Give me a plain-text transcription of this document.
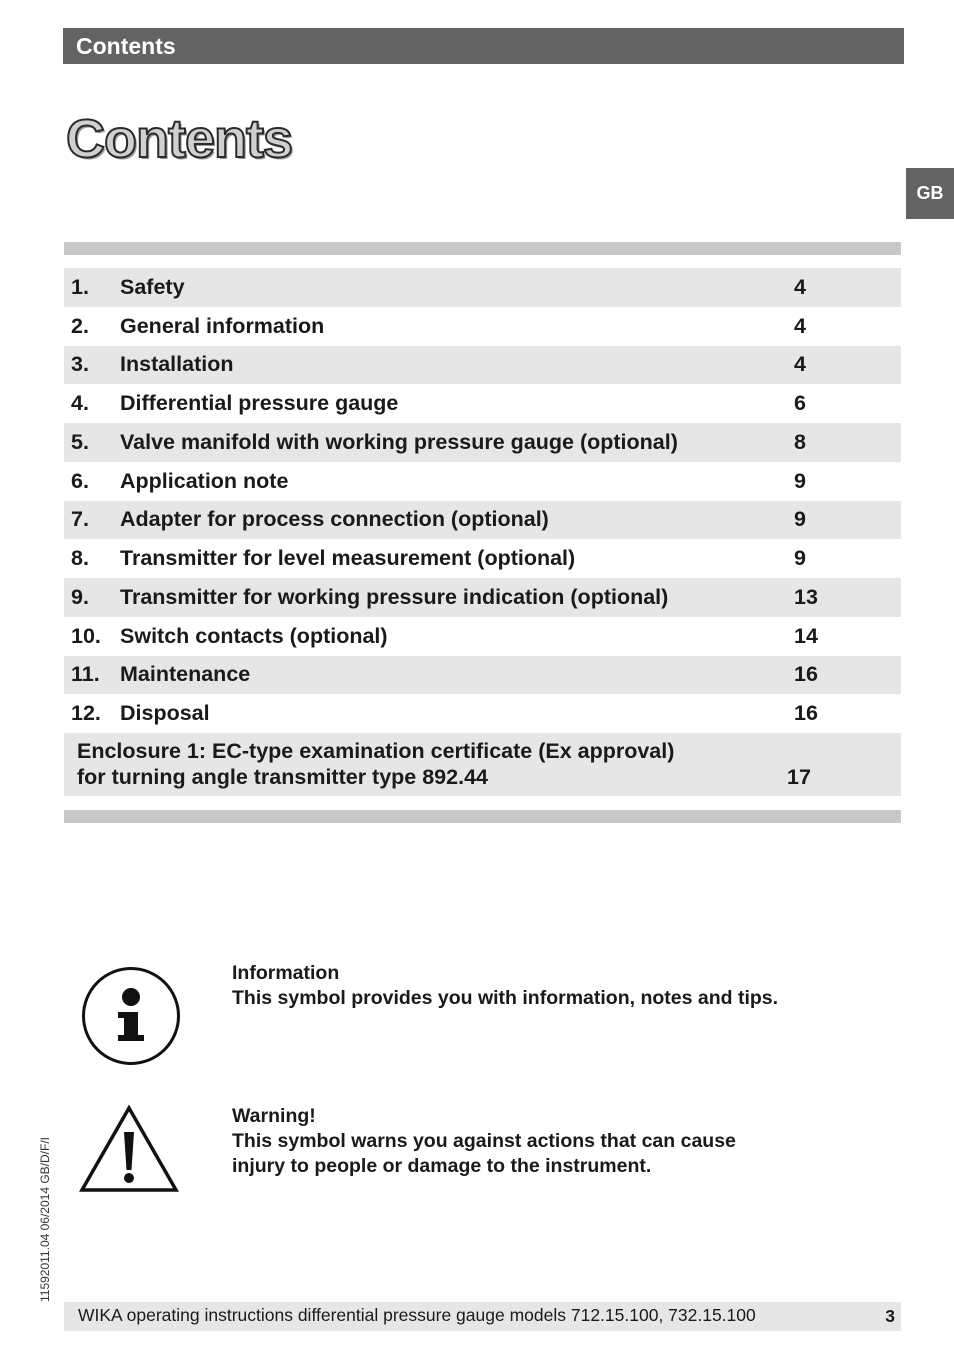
Contents
Contents
GB
1.	Safety	4
2.	General information	4
3.	Installation	4
4.	Differential pressure gauge	6
5.	Valve manifold with working pressure gauge (optional)	8
6.	Application note	9
7.	Adapter for process connection (optional)	9
8.	Transmitter for level measurement (optional)	9
9.	Transmitter for working pressure indication (optional)	13
10. Switch contacts (optional)	14
11. Maintenance	16
12. Disposal	16
Enclosure 1: EC-type examination certificate (Ex approval)
for turning angle transmitter type 892.44	17
Information
This symbol provides you with information, notes and tips.
Warning!
This symbol warns you against actions that can cause injury to people or damage to the instrument.
11592011.04 06/2014 GB/D/F/I
WIKA operating instructions differential pressure gauge models 712.15.100, 732.15.100	3
